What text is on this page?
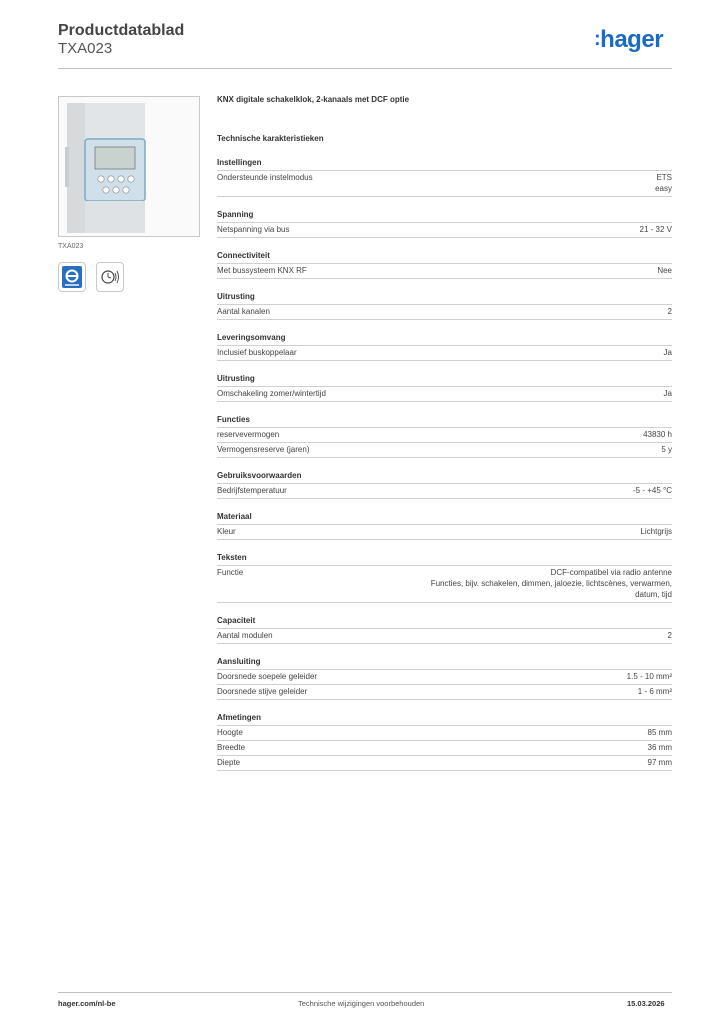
Productdatablad
TXA023	:hager
TXA023
KNX digitale schakelklok, 2-kanaals met DCF optie
Technische karakteristieken
Instellingen
Ondersteunde instelmodus	ETS
easy
Spanning
Netspanning via bus	21 - 32 V
Connectiviteit
Met bussysteem KNX RF	Nee
Uitrusting
Aantal kanalen	2
Leveringsomvang
Inclusief buskoppelaar	Ja
Uitrusting
Omschakeling zomer/wintertijd	Ja
Functies
reservevermogen	43830 h
Vermogensreserve (jaren)	5 y
Gebruiksvoorwaarden
Bedrijfstemperatuur	-5 - +45 °C
Materiaal
Kleur	Lichtgrijs
Teksten
Functie	DCF-compatibel via radio antenne
Functies, bijv. schakelen, dimmen, jaloezie, lichtscènes, verwarmen,
datum, tijd
Capaciteit
Aantal modulen	2
Aansluiting
Doorsnede soepele geleider	1.5 - 10 mm²
Doorsnede stijve geleider	1 - 6 mm²
Afmetingen
Hoogte	85 mm
Breedte	36 mm
Diepte	97 mm
hager.com/nl-be	Technische wijzigingen voorbehouden	15.03.2026
